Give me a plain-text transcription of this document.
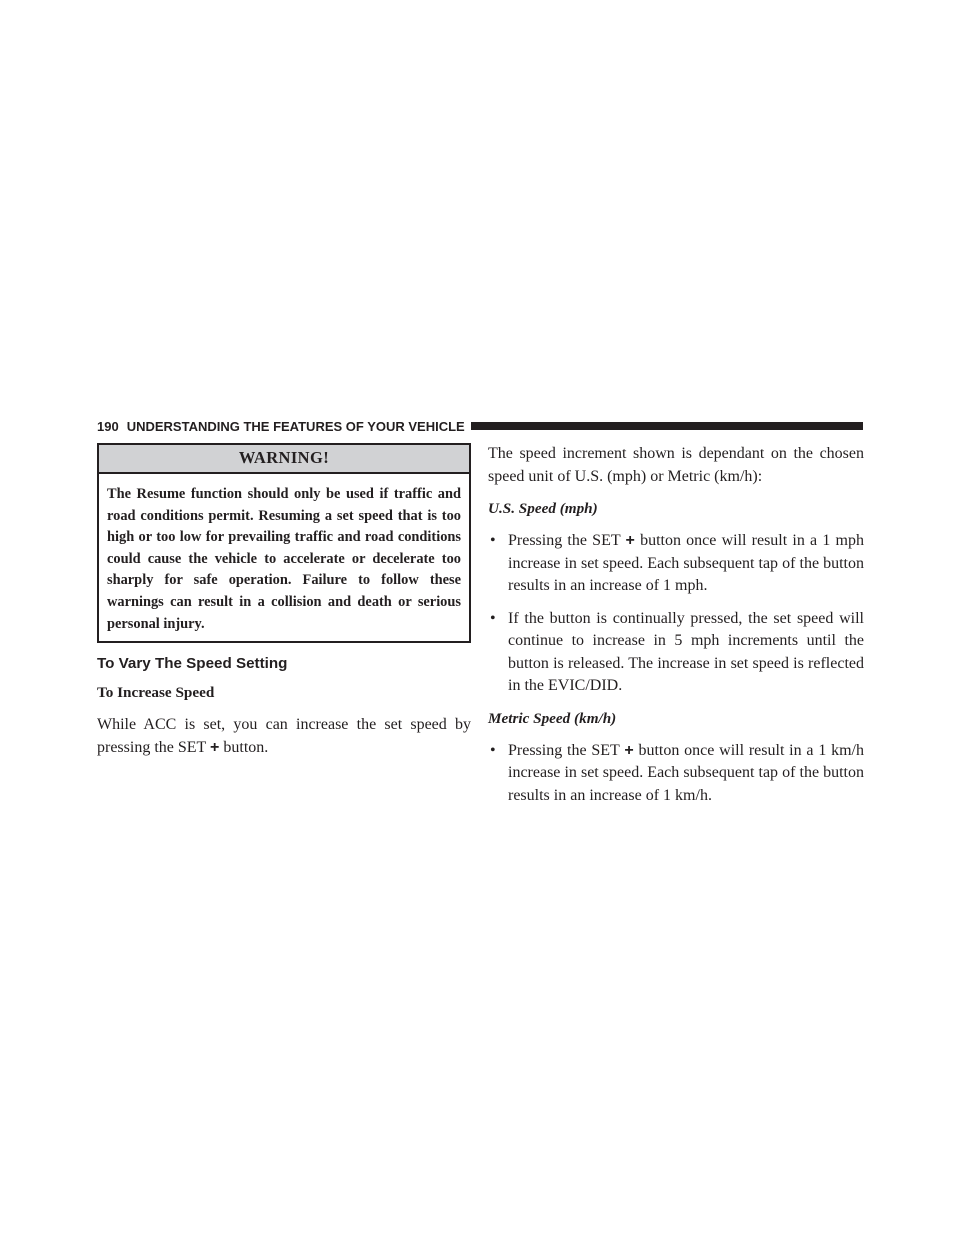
190 UNDERSTANDING THE FEATURES OF YOUR VEHICLE
WARNING!
The Resume function should only be used if traffic and road conditions permit. Resuming a set speed that is too high or too low for prevailing traffic and road conditions could cause the vehicle to accelerate or decelerate too sharply for safe operation. Failure to follow these warnings can result in a collision and death or serious personal injury.
To Vary The Speed Setting
To Increase Speed

While ACC is set, you can increase the set speed by pressing the SET + button.

The speed increment shown is dependant on the chosen speed unit of U.S. (mph) or Metric (km/h):

U.S. Speed (mph)
• Pressing the SET + button once will result in a 1 mph increase in set speed. Each subsequent tap of the button results in an increase of 1 mph.
• If the button is continually pressed, the set speed will continue to increase in 5 mph increments until the button is released. The increase in set speed is reflected in the EVIC/DID.
Metric Speed (km/h)
• Pressing the SET + button once will result in a 1 km/h increase in set speed. Each subsequent tap of the button results in an increase of 1 km/h.
